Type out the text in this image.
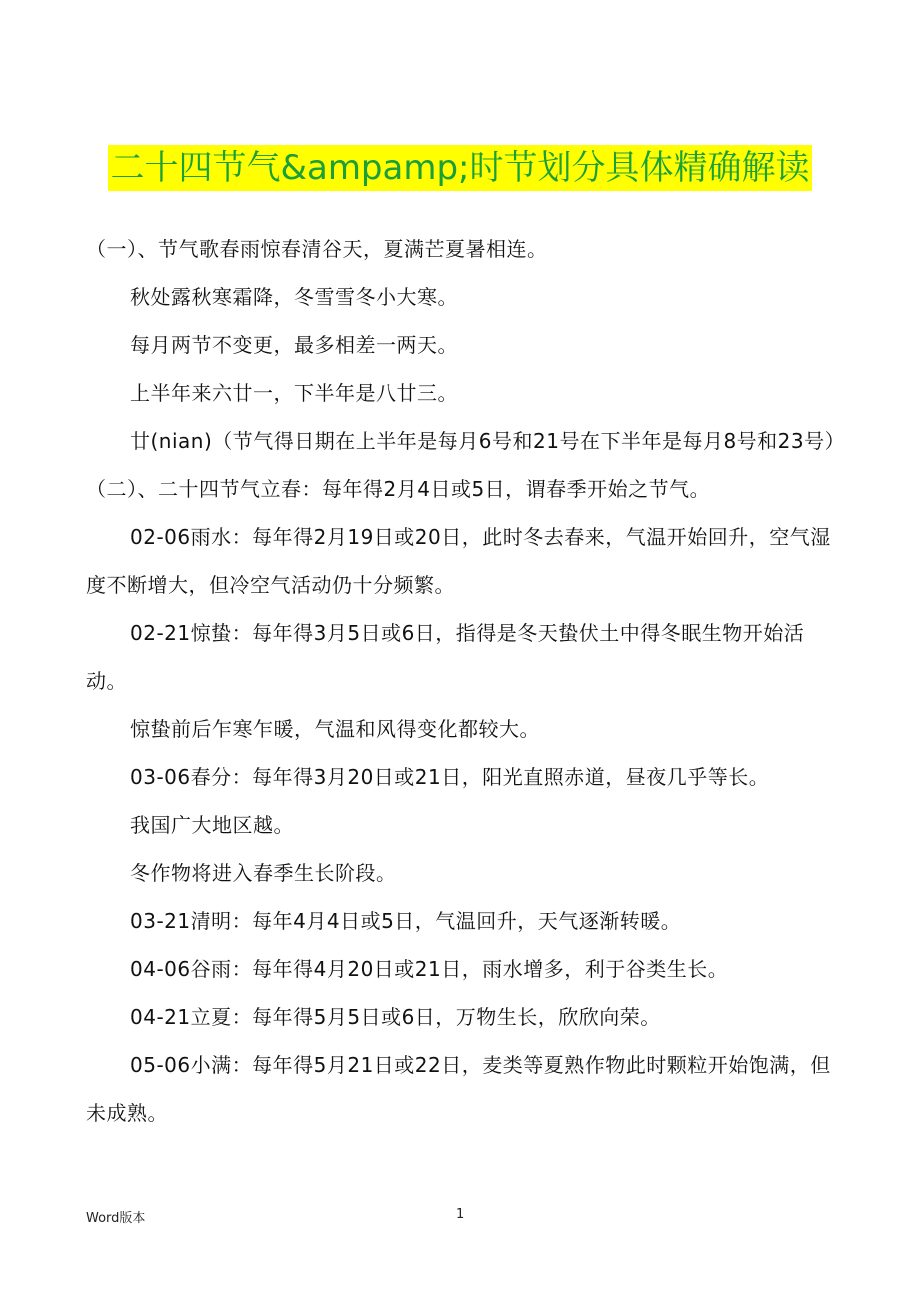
二十四节气&ampamp;时节划分具体精确解读

（一）、节气歌春雨惊春清谷天，夏满芒夏暑相连。

秋处露秋寒霜降，冬雪雪冬小大寒。

每月两节不变更，最多相差一两天。

上半年来六廿一，下半年是八廿三。

廿(nian)（节气得日期在上半年是每月6号和21号在下半年是每月8号和23号）（二）、二十四节气立春：每年得2月4日或5日，谓春季开始之节气。

02-06雨水：每年得2月19日或20日，此时冬去春来，气温开始回升，空气湿度不断增大，但冷空气活动仍十分频繁。

02-21惊蛰：每年得3月5日或6日，指得是冬天蛰伏土中得冬眠生物开始活动。

惊蛰前后乍寒乍暖，气温和风得变化都较大。

03-06春分：每年得3月20日或21日，阳光直照赤道，昼夜几乎等长。

我国广大地区越。

冬作物将进入春季生长阶段。

03-21清明：每年4月4日或5日，气温回升，天气逐渐转暖。

04-06谷雨：每年得4月20日或21日，雨水增多，利于谷类生长。

04-21立夏：每年得5月5日或6日，万物生长，欣欣向荣。

05-06小满：每年得5月21日或22日，麦类等夏熟作物此时颗粒开始饱满，但未成熟。

Word版本	1
